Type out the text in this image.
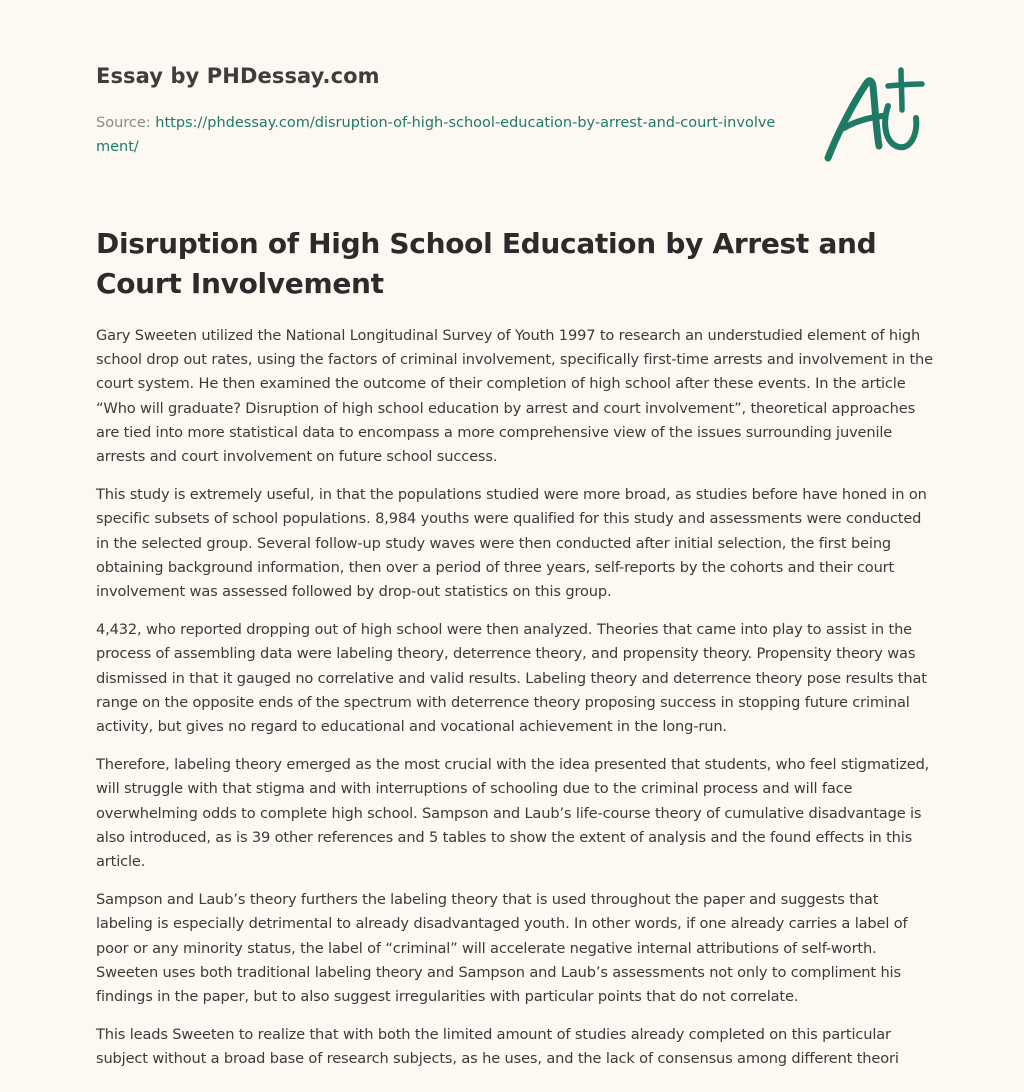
Essay by PHDessay.com
Source: https://phdessay.com/disruption-of-high-school-education-by-arrest-and-court-involvement/
Disruption of High School Education by Arrest and Court Involvement

Gary Sweeten utilized the National Longitudinal Survey of Youth 1997 to research an understudied element of high school drop out rates, using the factors of criminal involvement, specifically first-time arrests and involvement in the court system. He then examined the outcome of their completion of high school after these events. In the article “Who will graduate? Disruption of high school education by arrest and court involvement”, theoretical approaches are tied into more statistical data to encompass a more comprehensive view of the issues surrounding juvenile arrests and court involvement on future school success.

This study is extremely useful, in that the populations studied were more broad, as studies before have honed in on specific subsets of school populations. 8,984 youths were qualified for this study and assessments were conducted in the selected group. Several follow-up study waves were then conducted after initial selection, the first being obtaining background information, then over a period of three years, self-reports by the cohorts and their court involvement was assessed followed by drop-out statistics on this group.

4,432, who reported dropping out of high school were then analyzed. Theories that came into play to assist in the process of assembling data were labeling theory, deterrence theory, and propensity theory. Propensity theory was dismissed in that it gauged no correlative and valid results. Labeling theory and deterrence theory pose results that range on the opposite ends of the spectrum with deterrence theory proposing success in stopping future criminal activity, but gives no regard to educational and vocational achievement in the long-run.

Therefore, labeling theory emerged as the most crucial with the idea presented that students, who feel stigmatized, will struggle with that stigma and with interruptions of schooling due to the criminal process and will face overwhelming odds to complete high school. Sampson and Laub’s life-course theory of cumulative disadvantage is also introduced, as is 39 other references and 5 tables to show the extent of analysis and the found effects in this article.

Sampson and Laub’s theory furthers the labeling theory that is used throughout the paper and suggests that labeling is especially detrimental to already disadvantaged youth. In other words, if one already carries a label of poor or any minority status, the label of “criminal” will accelerate negative internal attributions of self-worth. Sweeten uses both traditional labeling theory and Sampson and Laub’s assessments not only to compliment his findings in the paper, but to also suggest irregularities with particular points that do not correlate.

This leads Sweeten to realize that with both the limited amount of studies already completed on this particular subject without a broad base of research subjects, as he uses, and the lack of consensus among different theori
